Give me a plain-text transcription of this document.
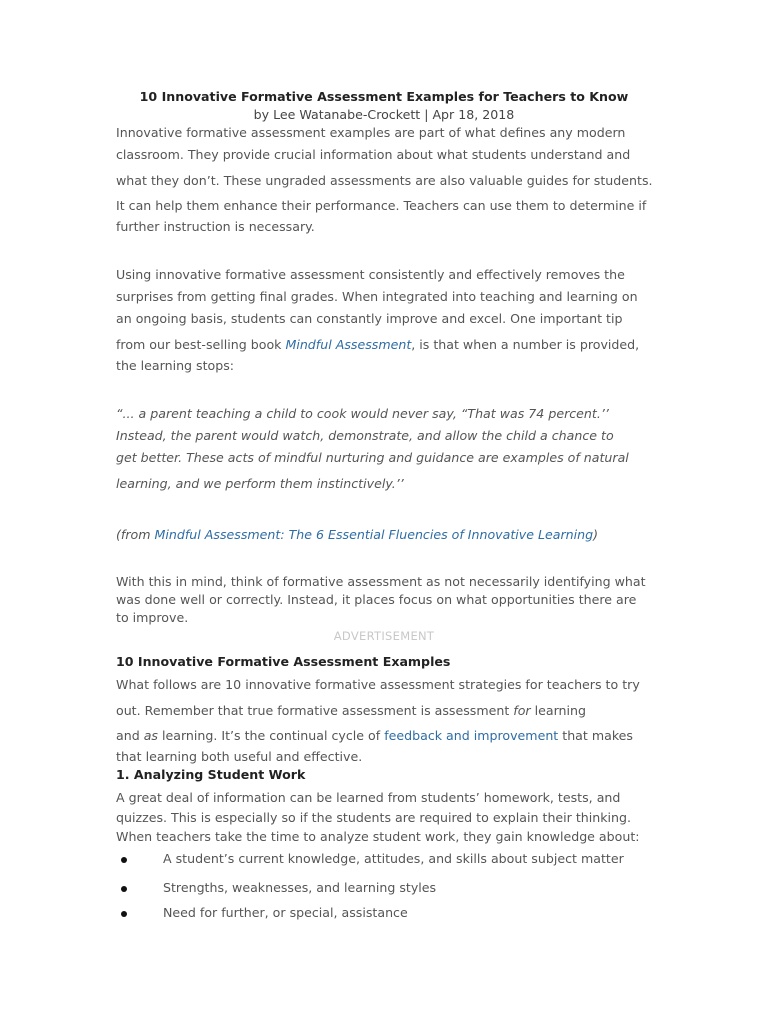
10 Innovative Formative Assessment Examples for Teachers to Know
by Lee Watanabe-Crockett | Apr 18, 2018
Innovative formative assessment examples are part of what defines any modern
classroom. They provide crucial information about what students understand and
what they don’t. These ungraded assessments are also valuable guides for students.
It can help them enhance their performance. Teachers can use them to determine if
further instruction is necessary.
Using innovative formative assessment consistently and effectively removes the
surprises from getting final grades. When integrated into teaching and learning on
an ongoing basis, students can constantly improve and excel. One important tip
from our best-selling book Mindful Assessment, is that when a number is provided,
the learning stops:
“... a parent teaching a child to cook would never say, “That was 74 percent.’’
Instead, the parent would watch, demonstrate, and allow the child a chance to
get better. These acts of mindful nurturing and guidance are examples of natural
learning, and we perform them instinctively.’’
(from Mindful Assessment: The 6 Essential Fluencies of Innovative Learning)
With this in mind, think of formative assessment as not necessarily identifying what
was done well or correctly. Instead, it places focus on what opportunities there are
to improve.
ADVERTISEMENT
10 Innovative Formative Assessment Examples
What follows are 10 innovative formative assessment strategies for teachers to try
out. Remember that true formative assessment is assessment for learning
and as learning. It’s the continual cycle of feedback and improvement that makes
that learning both useful and effective.
1. Analyzing Student Work
A great deal of information can be learned from students’ homework, tests, and
quizzes. This is especially so if the students are required to explain their thinking.
When teachers take the time to analyze student work, they gain knowledge about:
A student’s current knowledge, attitudes, and skills about subject matter
Strengths, weaknesses, and learning styles
Need for further, or special, assistance
